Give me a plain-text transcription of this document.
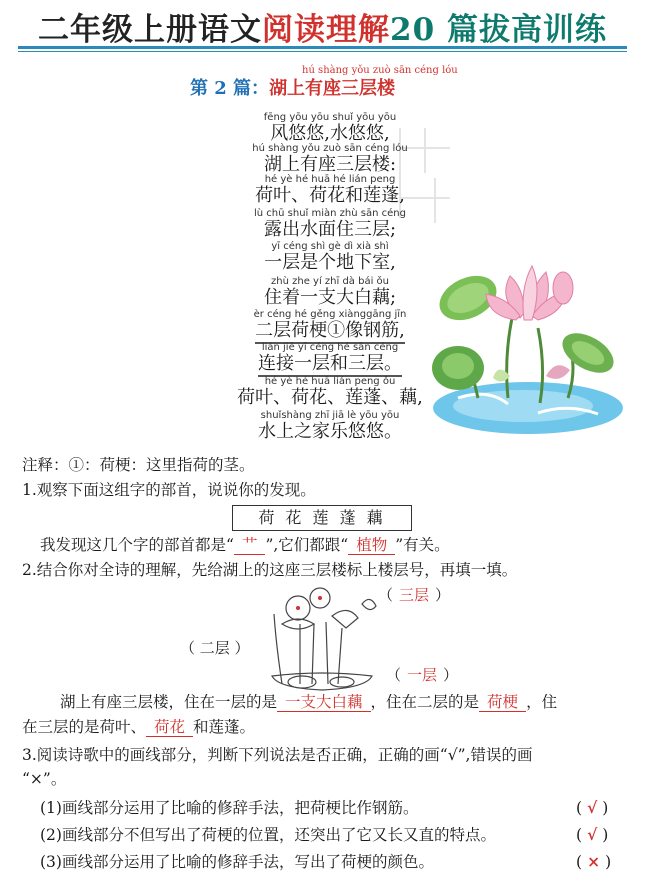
二年级上册语文阅读理解20 篇拔高训练
hú shàng yǒu zuò sān céng lóu
第 2 篇：湖上有座三层楼
fēng yōu yōu shuǐ yōu yōu
风悠悠,水悠悠,
hú shàng yǒu zuò sān céng lóu
湖上有座三层楼:
hé yè hé huā hé lián peng
荷叶、荷花和莲蓬,
lù chū shuǐ miàn zhù sān céng
露出水面住三层;
yī céng shì gè dì xià shì
一层是个地下室,
zhù zhe yí zhī dà bái ǒu
住着一支大白藕;
èr céng hé gěng xiànggāng jīn
二层荷梗①像钢筋,
lián jiē yī céng hé sān céng
连接一层和三层。
hé yè hé huā lián peng ǒu
荷叶、荷花、莲蓬、藕,
shuǐshàng zhī jiā lè yōu yōu
水上之家乐悠悠。
注释：①：荷梗：这里指荷的茎。
1.观察下面这组字的部首，说说你的发现。
荷 花 莲 蓬 藕
我发现这几个字的部首都是“ 艹 ”,它们都跟“ 植物 ”有关。
2.结合你对全诗的理解，先给湖上的这座三层楼标上楼层号，再填一填。
（ 三层 ）
（ 二层 ）
（ 一层 ）
湖上有座三层楼，住在一层的是 一支大白藕 ，住在二层的是 荷梗 ，住
在三层的是荷叶、 荷花 和莲蓬。
3.阅读诗歌中的画线部分，判断下列说法是否正确，正确的画“√”,错误的画
“×”。
(1)画线部分运用了比喻的修辞手法，把荷梗比作钢筋。	( √ )
(2)画线部分不但写出了荷梗的位置，还突出了它又长又直的特点。	( √ )
(3)画线部分运用了比喻的修辞手法，写出了荷梗的颜色。	( × )
